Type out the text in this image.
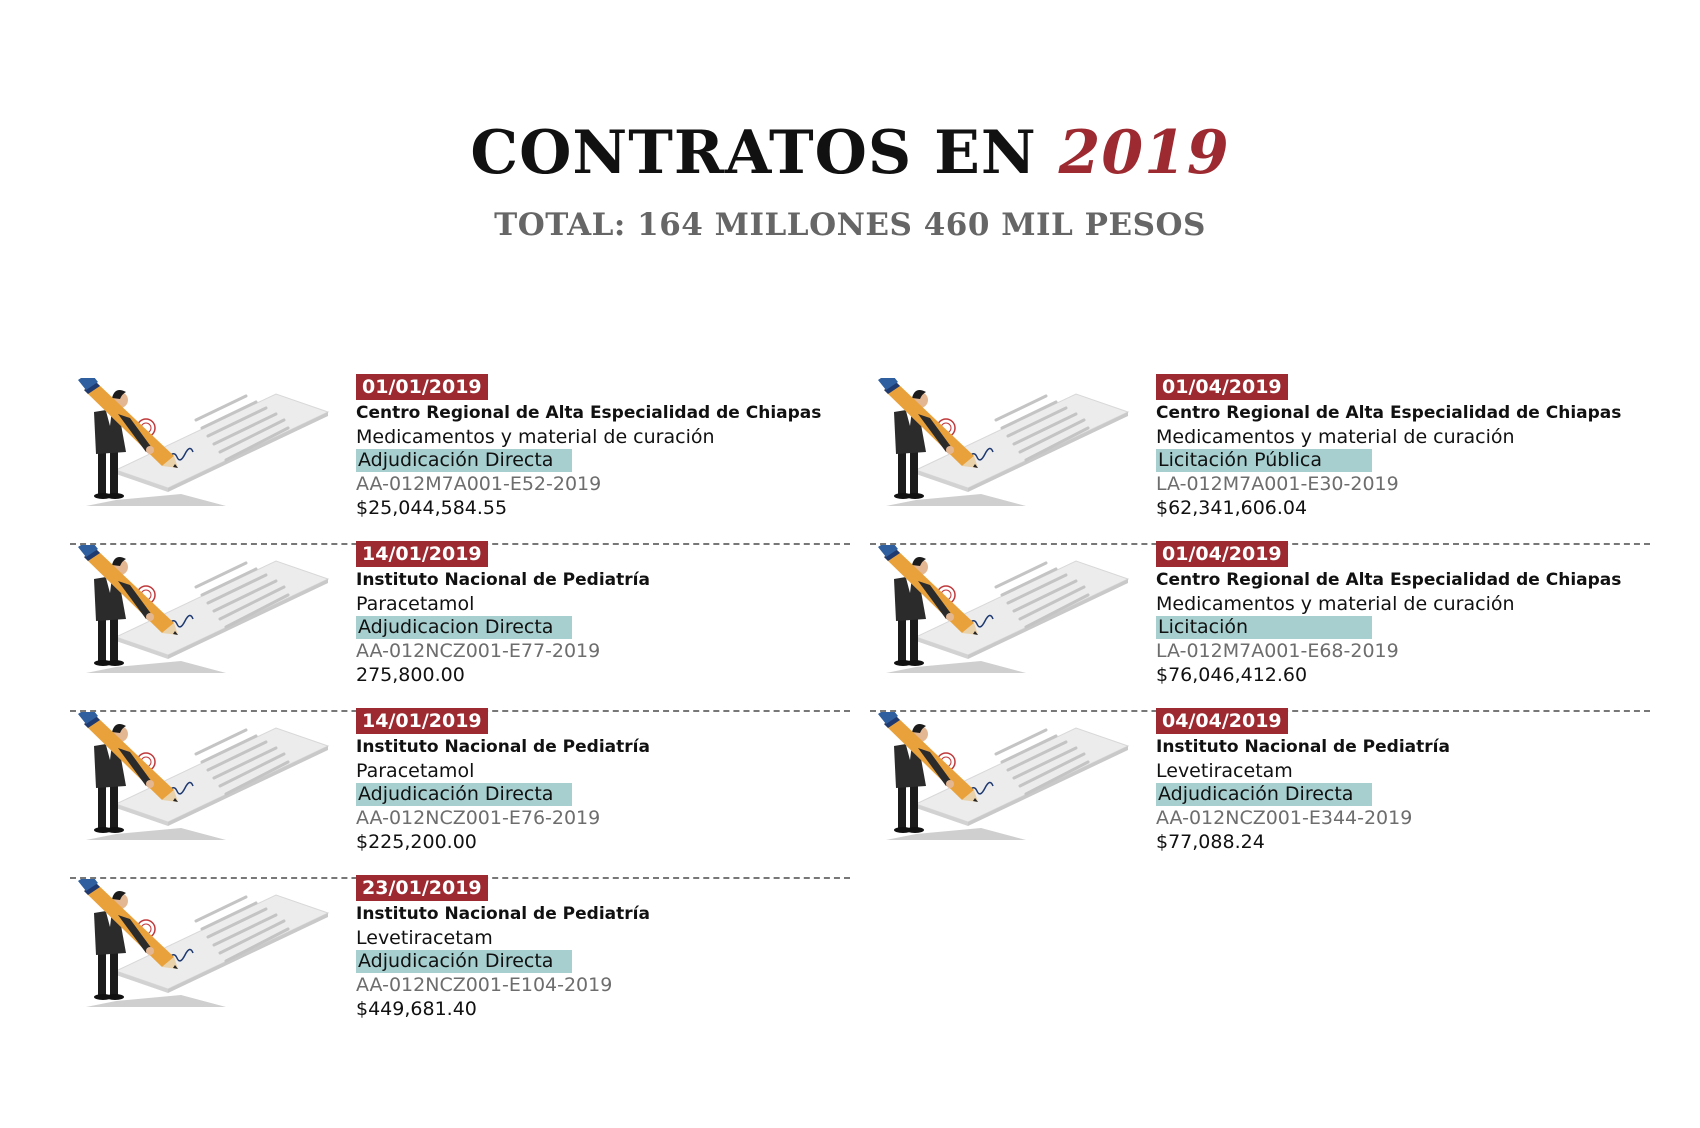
CONTRATOS EN 2019
TOTAL: 164 MILLONES 460 MIL PESOS
01/01/2019
Centro Regional de Alta Especialidad de Chiapas
Medicamentos y material de curación
Adjudicación Directa
AA-012M7A001-E52-2019
$25,044,584.55
14/01/2019
Instituto Nacional de Pediatría
Paracetamol
Adjudicacion Directa
AA-012NCZ001-E77-2019
275,800.00
14/01/2019
Instituto Nacional de Pediatría
Paracetamol
Adjudicación Directa
AA-012NCZ001-E76-2019
$225,200.00
23/01/2019
Instituto Nacional de Pediatría
Levetiracetam
Adjudicación Directa
AA-012NCZ001-E104-2019
$449,681.40
01/04/2019
Centro Regional de Alta Especialidad de Chiapas
Medicamentos y material de curación
Licitación Pública
LA-012M7A001-E30-2019
$62,341,606.04
01/04/2019
Centro Regional de Alta Especialidad de Chiapas
Medicamentos y material de curación
Licitación
LA-012M7A001-E68-2019
$76,046,412.60
04/04/2019
Instituto Nacional de Pediatría
Levetiracetam
Adjudicación Directa
AA-012NCZ001-E344-2019
$77,088.24
